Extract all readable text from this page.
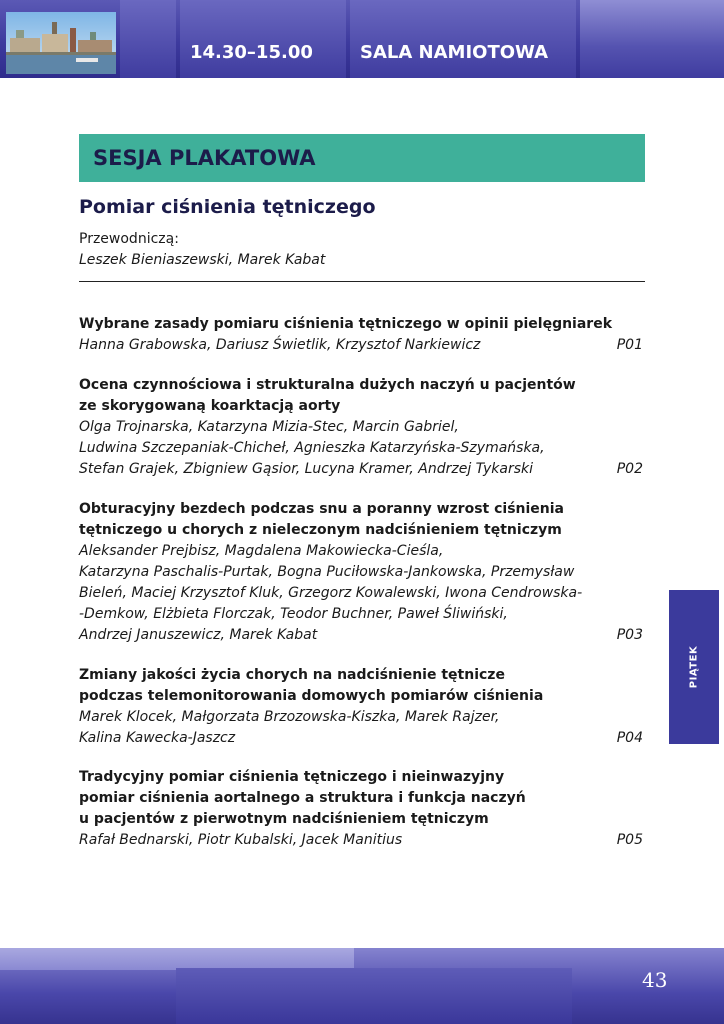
14.30–15.00	SALA NAMIOTOWA
SESJA PLAKATOWA
Pomiar ciśnienia tętniczego
Przewodniczą:
Leszek Bieniaszewski, Marek Kabat
Wybrane zasady pomiaru ciśnienia tętniczego w opinii pielęgniarek
Hanna Grabowska, Dariusz Świetlik, Krzysztof Narkiewicz	P01
Ocena czynnościowa i strukturalna dużych naczyń u pacjentów
ze skorygowaną koarktacją aorty
Olga Trojnarska, Katarzyna Mizia-Stec, Marcin Gabriel,
Ludwina Szczepaniak-Chicheł, Agnieszka Katarzyńska-Szymańska,
Stefan Grajek, Zbigniew Gąsior, Lucyna Kramer, Andrzej Tykarski	P02
Obturacyjny bezdech podczas snu a poranny wzrost ciśnienia
tętniczego u chorych z nieleczonym nadciśnieniem tętniczym
Aleksander Prejbisz, Magdalena Makowiecka-Cieśla,
Katarzyna Paschalis-Purtak, Bogna Puciłowska-Jankowska, Przemysław
Bieleń, Maciej Krzysztof Kluk, Grzegorz Kowalewski, Iwona Cendrowska-
-Demkow, Elżbieta Florczak, Teodor Buchner, Paweł Śliwiński,
Andrzej Januszewicz, Marek Kabat	P03
Zmiany jakości życia chorych na nadciśnienie tętnicze
podczas telemonitorowania domowych pomiarów ciśnienia
Marek Klocek, Małgorzata Brzozowska-Kiszka, Marek Rajzer,
Kalina Kawecka-Jaszcz	P04
Tradycyjny pomiar ciśnienia tętniczego i nieinwazyjny
pomiar ciśnienia aortalnego a struktura i funkcja naczyń
u pacjentów z pierwotnym nadciśnieniem tętniczym
Rafał Bednarski, Piotr Kubalski, Jacek Manitius	P05
PIĄTEK
43
